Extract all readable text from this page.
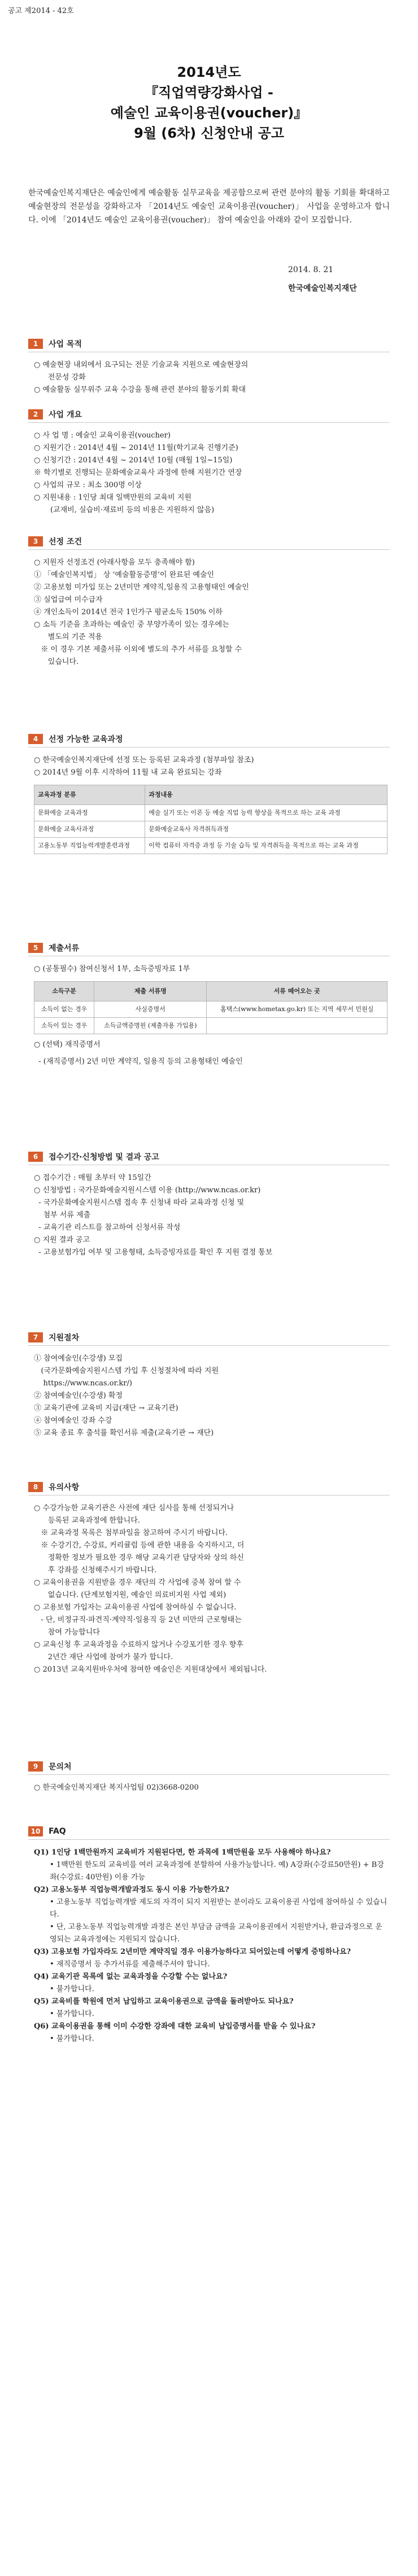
공고 제2014 - 42호
2014년도
『직업역량강화사업 -
예술인 교육이용권(voucher)』
9월 (6차) 신청안내 공고
한국예술인복지재단은 예술인에게 예술활동 실무교육을 제공함으로써 관련 분야의 활동 기회를 확대하고 예술현장의 전문성을 강화하고자 「2014년도 예술인 교육이용권(voucher)」 사업을 운영하고자 합니다. 이에 「2014년도 예술인 교육이용권(voucher)」 참여 예술인을 아래와 같이 모집합니다.
2014. 8. 21
한국예술인복지재단
1	사업 목적

○ 예술현장 내외에서 요구되는 전문 기술교육 지원으로 예술현장의

전문성 강화

○ 예술활동 실무위주 교육 수강을 통해 관련 분야의 활동기회 확대

2	사업 개요

○ 사 업 명 : 예술인 교육이용권(voucher)

○ 지원기간 : 2014년 4월 ~ 2014년 11월(학기교육 진행기준)

○ 신청기간 : 2014년 4월 ~ 2014년 10월 (매월 1일~15일)

※ 학기별로 진행되는 문화예술교육사 과정에 한해 지원기간 연장

○ 사업의 규모 : 최소 300명 이상

○ 지원내용 : 1인당 최대 일백만원의 교육비 지원

(교재비, 실습비·재료비 등의 비용은 지원하지 않음)

3	선정 조건

○ 지원자 선정조건 (아래사항을 모두 충족해야 함)

① 「예술인복지법」 상 ‘예술활동증명’이 완료된 예술인

② 고용보험 미가입 또는 2년미만 계약직,일용직 고용형태인 예술인

③ 실업급여 미수급자

④ 개인소득이 2014년 전국 1인가구 평균소득 150% 이하

○ 소득 기준을 초과하는 예술인 중 부양가족이 있는 경우에는

별도의 기준 적용

※ 이 경우 기본 제출서류 이외에 별도의 추가 서류를 요청할 수

있습니다.

4	선정 가능한 교육과정

○ 한국예술인복지재단에 선정 또는 등록된 교육과정 (첨부파일 참조)

○ 2014년 9월 이후 시작하여 11월 내 교육 완료되는 강좌

교육과정 분류	과정내용
문화예술 교육과정	예술 실기 또는 이론 등 예술 직업 능력 향상을 목적으로 하는 교육 과정
문화예술 교육사과정	문화예술교육사 자격취득과정
고용노동부 직업능력개발훈련과정	이학 컴퓨터 자격증 과정 등 기술 습득 및 자격취득을 목적으로 하는 교육 과정
5	제출서류

○ (공통필수) 참여신청서 1부, 소득증빙자료 1부

소득구분	제출 서류명	서류 떼어오는 곳
소득이 없는 경우	사실증명서	홈택스(www.hometax.go.kr) 또는 지역 세무서 민원실
소득이 있는 경우	소득금액증명원 (제출자용 가입용)	

○ (선택) 재직증명서

- (재직증명서) 2년 미만 계약직, 일용직 등의 고용형태인 예술인

6	접수기간·신청방법 및 결과 공고

○ 접수기간 : 매월 초부터 약 15일간

○ 신청방법 : 국가문화예술지원시스템 이용 (http://www.ncas.or.kr)

- 국가문화예술지원시스템 접속 후 신청내 따라 교육과정 신청 및

첨부 서류 제출

- 교육기관 리스트를 참고하여 신청서류 작성

○ 지원 결과 공고

- 고용보험가입 여부 및 고용형태, 소득증빙자료를 확인 후 지원 결정 통보

7	지원절차

① 참여예술인(수강생) 모집

(국가문화예술지원시스템 가입 후 신청절차에 따라 지원

https://www.ncas.or.kr/)

② 참여예술인(수강생) 확정

③ 교육기관에 교육비 지급(재단 → 교육기관)

④ 참여예술인 강좌 수강

⑤ 교육 종료 후 출석률 확인서류 제출(교육기관 → 재단)

8	유의사항

○ 수강가능한 교육기관은 사전에 재단 심사를 통해 선정되거나

등록된 교육과정에 한합니다.

※ 교육과정 목록은 첨부파일을 참고하여 주시기 바랍니다.

※ 수강기간, 수강료, 커리큘럼 등에 관한 내용을 숙지하시고, 더

정확한 정보가 필요한 경우 해당 교육기관 담당자와 상의 하신

후 강좌를 신청해주시기 바랍니다.

○ 교육이용권을 지원받을 경우 재단의 각 사업에 중복 참여 할 수

없습니다. (단계보험지원, 예술인 의료비지원 사업 제외)

○ 고용보험 가입자는 교육이용권 사업에 참여하실 수 없습니다.

- 단, 비정규직·파견직·계약직·일용직 등 2년 미만의 근로형태는

참여 가능합니다

○ 교육신청 후 교육과정을 수료하지 않거나 수강포기한 경우 향후

2년간 재단 사업에 참여가 불가 합니다.

○ 2013년 교육지원바우처에 참여한 예술인은 지원대상에서 제외됩니다.

9	문의처

○ 한국예술인복지재단 복지사업팀 02)3668-0200

10	FAQ

Q1) 1인당 1백만원까지 교육비가 지원된다면, 한 과목에 1백만원을 모두 사용해야 하나요?

• 1백만원 한도의 교육비를 여러 교육과정에 분할하여 사용가능합니다. 예) A강좌(수강료50만원) + B강좌(수강료: 40만원) 이용 가능

Q2) 고용노동부 직업능력개발과정도 동시 이용 가능한가요?

• 고용노동부 직업능력개발 제도의 자격이 되지 지원받는 분이라도 교육이용권 사업에 참여하실 수 있습니다.

• 단, 고용노동부 직업능력개발 과정은 본인 부담금 금액을 교육이용권에서 지원받거나, 환급과정으로 운영되는 교육과정에는 지원되지 않습니다.

Q3) 고용보험 가입자라도 2년미만 계약직일 경우 이용가능하다고 되어있는데 어떻게 증빙하나요?

• 재직증명서 등 추가서류를 제출해주셔야 합니다.

Q4) 교육기관 목록에 없는 교육과정을 수강할 수는 없나요?

• 불가합니다.

Q5) 교육비를 학원에 먼저 납입하고 교육이용권으로 금액을 돌려받아도 되나요?

• 불가합니다.

Q6) 교육이용권을 통해 이미 수강한 강좌에 대한 교육비 납입증명서를 받을 수 있나요?

• 불가합니다.
